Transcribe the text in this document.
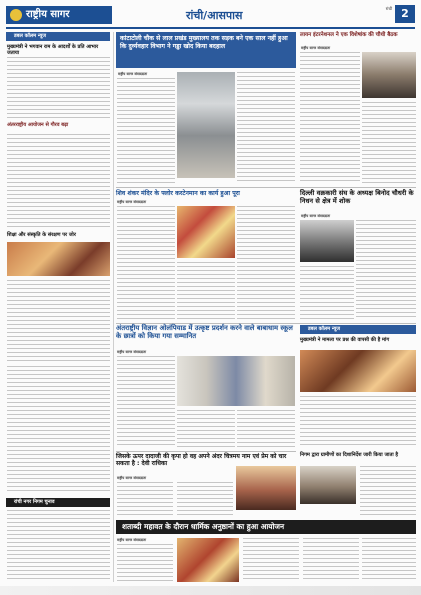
राष्ट्रीय सागर	रांची/आसपास
रांची 2
डबल कॉलम न्यूज
मुख्यमंत्री ने भगवान राम के आदर्शों के प्रति आभार जताया
अंतरराष्ट्रीय आयोजन से गौरव बढ़ा
शिक्षा और संस्कृति के संरक्षण पर जोर
रांची नगर निगम चुनाव
कांटाटोली चौक से लाल प्रखंड मुख्यालय तक सड़क बने एक साल नहीं हुआ कि दुर्व्यवहार विभाग ने गड्ढा खोद किया बदहाल
राष्ट्रीय सागर संवाददाता
लायन इंटरनेशनल ने एक विशेषांक की चौथी बैठक
राष्ट्रीय सागर संवाददाता
शिव शंकर मंदिर के फ्लोर करटेनमान का कार्य हुआ पूरा
राष्ट्रीय सागर संवाददाता
दिल्ली वक्रकारी संघ के अध्यक्ष बिनोद चौधरी के निधन से क्षेत्र में शोक
राष्ट्रीय सागर संवाददाता
अंतराष्ट्रीय विज्ञान ओलंपियाड में उत्कृष्ट प्रदर्शन करने वाले बाबाधाम स्कूल के छात्रों को किया गया सम्मानित
राष्ट्रीय सागर संवाददाता
डबल कॉलम न्यूज
मुख्यमंत्री ने मामला पर प्रश्न की वापसी की है मांग
जिसके ऊपर दादाजी की कृपा हो वह अपने अंदर चित्रमय नाम एवं प्रेम को चार सकता है : देवी राधिका
राष्ट्रीय सागर संवाददाता
निगम द्वारा ग्रामीणों का दिशानिर्देश जारी किया जाता है
शताब्दी महावत के दौरान धार्मिक अनुष्ठानों का हुआ आयोजन
राष्ट्रीय सागर संवाददाता
